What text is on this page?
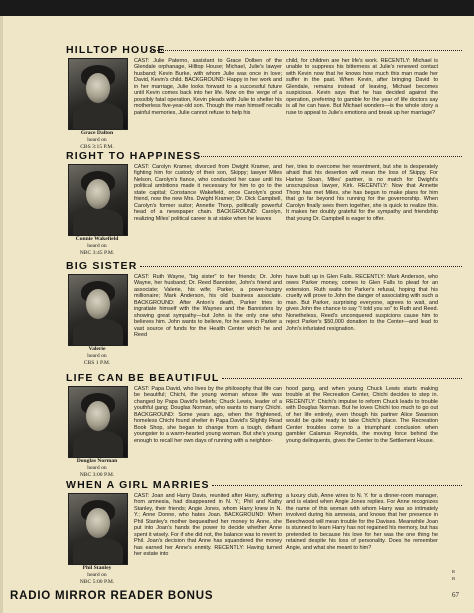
HILLTOP HOUSE
Grace Dalton
heard on
CBS 3:15 P.M.
CAST: Julie Paterno, assistant to Grace Dolben of the Glendale orphanage, Hilltop House; Michael, Julie's lawyer husband; Kevin Burke, with whom Julie was once in love; David, Kevin's child. BACKGROUND: Happy in her work and in her marriage, Julie looks forward to a successful future until Kevin comes back into her life. Now on the verge of a possibly fatal operation, Kevin pleads with Julie to shelter his motherless five-year-old son. Though the man himself recalls painful memories, Julie cannot refuse to help his
child, for children are her life's work. RECENTLY: Michael is unable to suppress his bitterness at Julie's renewed contact with Kevin now that he knows how much this man made her suffer in the past. When Kevin, after bringing David to Glendale, remains instead of leaving, Michael becomes suspicious. Kevin says that he has decided against the operation, preferring to gamble for the year of life doctors say is all he can have. But Michael wonders—is the whole story a ruse to appeal to Julie's emotions and break up her marriage?
RIGHT TO HAPPINESS
Connie Wakefield
heard on
NBC 3:45 P.M.
CAST: Carolyn Kramer, divorced from Dwight Kramer, and fighting him for custody of their son, Skippy; lawyer Miles Nelson, Carolyn's fiance, who conducted her case until his political ambitions made it necessary for him to go to the state capital; Constance Wakefield, once Carolyn's good friend, now the new Mrs. Dwight Kramer; Dr. Dick Campbell, Carolyn's former suitor; Annette Thorp, politically powerful head of a newspaper chain. BACKGROUND: Carolyn, realizing Miles' political career is at stake when he leaves
her, tries to overcome her resentment, but she is desperately afraid that his desertion will mean the loss of Skippy. For Harlow Sloan, Miles' partner, is no match for Dwight's unscrupulous lawyer, Kirk. RECENTLY: Now that Annette Thorp has met Miles, she has begun to make plans for him that go far beyond his running for the governorship. When Carolyn finally sees them together, she is quick to realize this. It makes her doubly grateful for the sympathy and friendship that young Dr. Campbell is eager to offer.
BIG SISTER
Valerie
heard on
CBS 1 P.M.
CAST: Ruth Wayne, "big sister" to her friends; Dr. John Wayne, her husband; Dr. Reed Bannister, John's friend and associate; Valerie, his wife; Parker, a power-hungry millionaire; Mark Anderson, his old business associate. BACKGROUND: After Anton's death, Parker tries to ingratiate himself with the Waynes and the Bannisters by showing great sympathy—but John is the only one who believes him. John wants to believe, for he sees in Parker a vast source of funds for the Health Center which he and Reed
have built up in Glen Falls. RECENTLY: Mark Anderson, who owes Parker money, comes to Glen Falls to plead for an extension. Ruth waits for Parker's refusal, hoping that his cruelty will prove to John the danger of associating with such a man. But Parker, surprising everyone, agrees to wait, and gives John the chance to say "I told you so" to Ruth and Reed. Nonetheless, Reed's unconquered suspicions cause him to reject Parker's $50,000 donation to the Center—and lead to John's infuriated resignation.
LIFE CAN BE BEAUTIFUL
Douglas Norman
heard on
NBC 3:00 P.M.
CAST: Papa David, who lives by the philosophy that life can be beautiful; Chichi, the young woman whose life was changed by Papa David's beliefs; Chuck Lewis, leader of a youthful gang; Douglas Norman, who wants to marry Chichi. BACKGROUND: Some years ago, when the frightened, homeless Chichi found shelter in Papa David's Slightly Read Book Shop, she began to change from a tough, defiant youngster to a warm-hearted young woman. But she's young enough to recall her own days of running with a neighbor-
hood gang, and when young Chuck Lewis starts making trouble at the Recreation Center, Chichi decides to step in. RECENTLY: Chichi's impulse to reform Chuck leads to trouble with Douglas Norman. But he loves Chichi too much to go out of her life entirely, even though his partner Alice Swanson would be quite ready to take Chichi's place. The Recreation Center troubles come to a triumphant conclusion when gambler Calamus Reynolds, the moving force behind the young delinquents, gives the Center to the Settlement House.
WHEN A GIRL MARRIES
Phil Stanley
heard on
NBC 5:00 P.M.
CAST: Joan and Harry Davis, reunited after Harry, suffering from amnesia, had disappeared in N. Y.; Phil and Kathy Stanley, their friends; Angie Jones, whom Harry knew in N. Y.; Anne Donne, who hates Joan. BACKGROUND: When Phil Stanley's mother bequeathed her money to Anne, she put into Joan's hands the power to decide whether Anne spent it wisely. For if she did not, the balance was to revert to Phil. Joan's decision that Anne has squandered the money has earned her Anne's enmity. RECENTLY: Having turned her estate into
a luxury club, Anne wires to N. Y. for a dinner-room manager, and is elated when Angie Jones replies. For Anne recognizes the name of this woman with whom Harry was so intimately involved during his amnesia, and knows that her presence in Beechwood will mean trouble for the Davises. Meanwhile Joan is stunned to learn Harry has not regained his memory, but has pretended to because his love for her was the one thing he retained despite his loss of personality. Does he remember Angie, and what she meant to him?
R
B
RADIO MIRROR READER BONUS	67
